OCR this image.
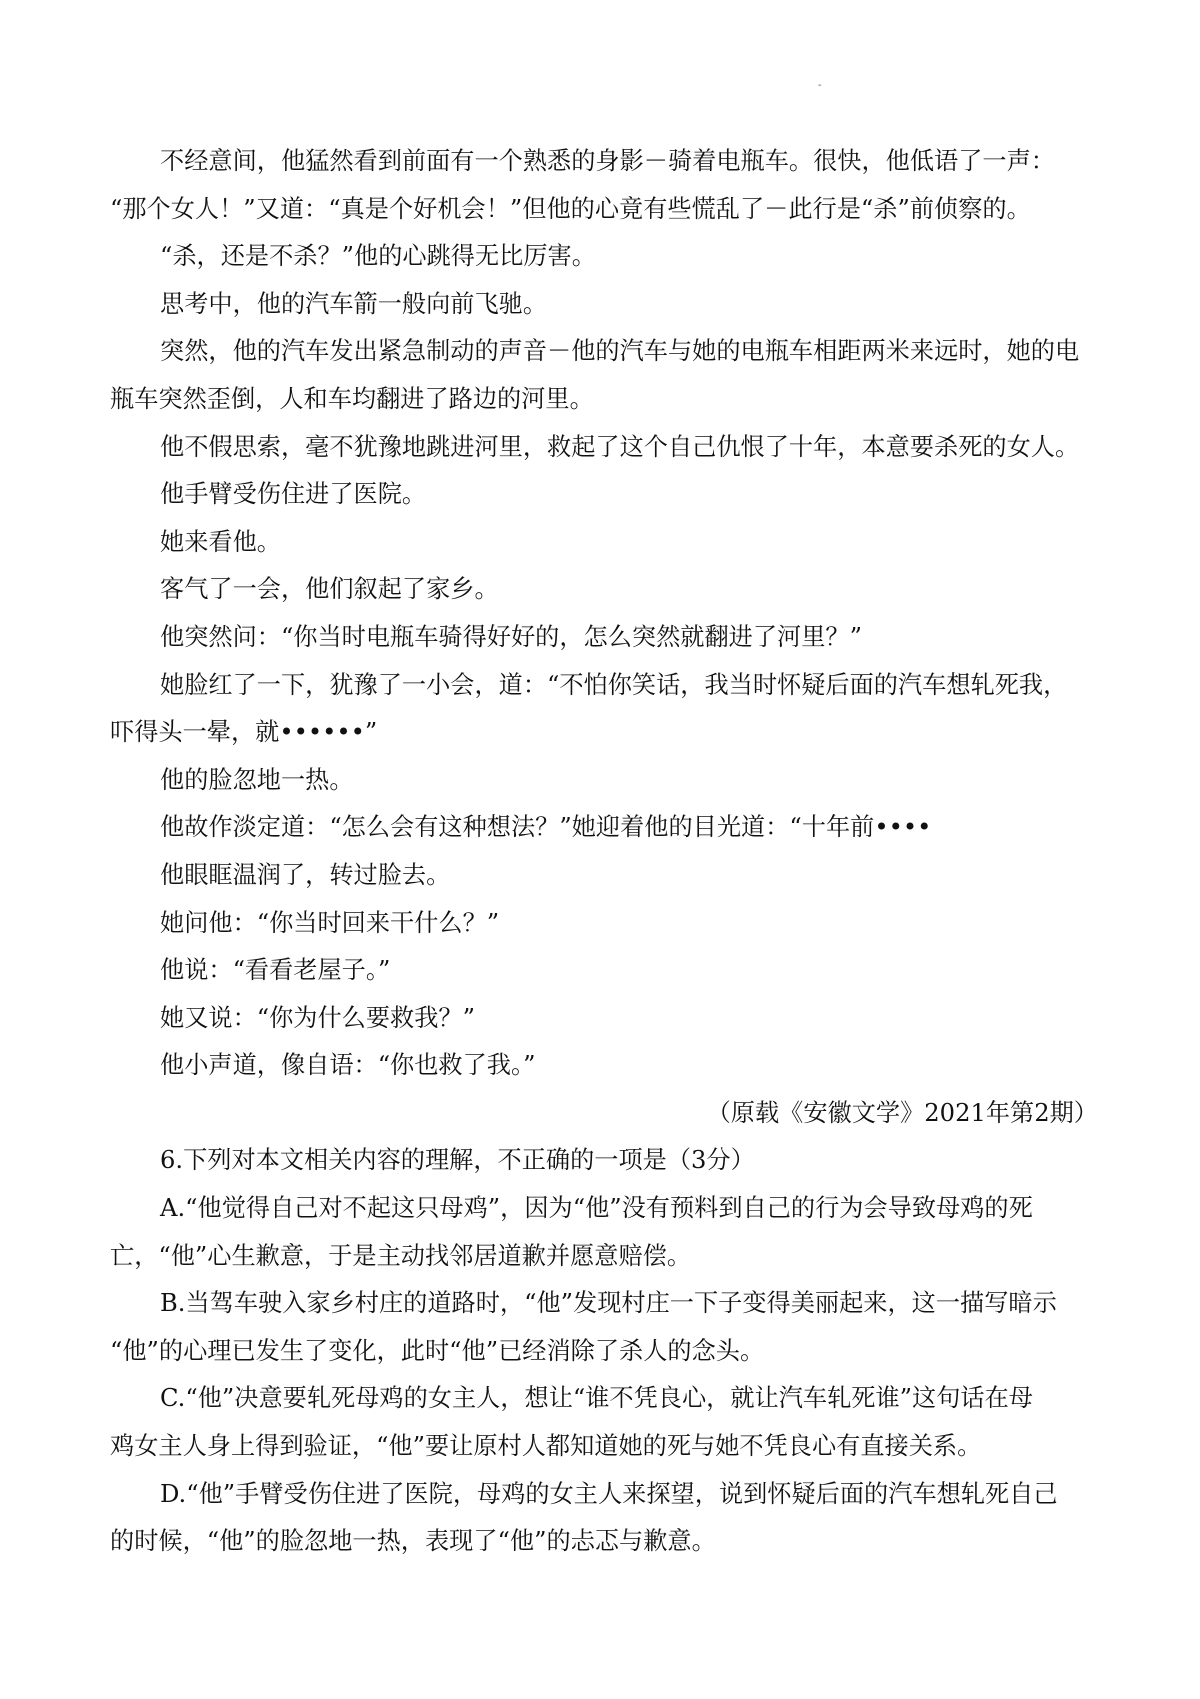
-

不经意间，他猛然看到前面有一个熟悉的身影－骑着电瓶车。很快，他低语了一声：

“那个女人！”又道：“真是个好机会！”但他的心竟有些慌乱了－此行是“杀”前侦察的。

“杀，还是不杀？”他的心跳得无比厉害。

思考中，他的汽车箭一般向前飞驰。

突然，他的汽车发出紧急制动的声音－他的汽车与她的电瓶车相距两米来远时，她的电

瓶车突然歪倒，人和车均翻进了路边的河里。

他不假思索，毫不犹豫地跳进河里，救起了这个自己仇恨了十年，本意要杀死的女人。

他手臂受伤住进了医院。

她来看他。

客气了一会，他们叙起了家乡。

他突然问：“你当时电瓶车骑得好好的，怎么突然就翻进了河里？”

她脸红了一下，犹豫了一小会，道：“不怕你笑话，我当时怀疑后面的汽车想轧死我，

吓得头一晕，就••••••”

他的脸忽地一热。

他故作淡定道：“怎么会有这种想法？”她迎着他的目光道：“十年前••••

他眼眶温润了，转过脸去。

她问他：“你当时回来干什么？”

他说：“看看老屋子。”

她又说：“你为什么要救我？”

他小声道，像自语：“你也救了我。”

（原载《安徽文学》2021年第2期）

6.下列对本文相关内容的理解，不正确的一项是（3分）

A.“他觉得自己对不起这只母鸡”，因为“他”没有预料到自己的行为会导致母鸡的死

亡，“他”心生歉意，于是主动找邻居道歉并愿意赔偿。

B.当驾车驶入家乡村庄的道路时，“他”发现村庄一下子变得美丽起来，这一描写暗示

“他”的心理已发生了变化，此时“他”已经消除了杀人的念头。

C.“他”决意要轧死母鸡的女主人，想让“谁不凭良心，就让汽车轧死谁”这句话在母

鸡女主人身上得到验证，“他”要让原村人都知道她的死与她不凭良心有直接关系。

D.“他”手臂受伤住进了医院，母鸡的女主人来探望，说到怀疑后面的汽车想轧死自己

的时候，“他”的脸忽地一热，表现了“他”的忐忑与歉意。
